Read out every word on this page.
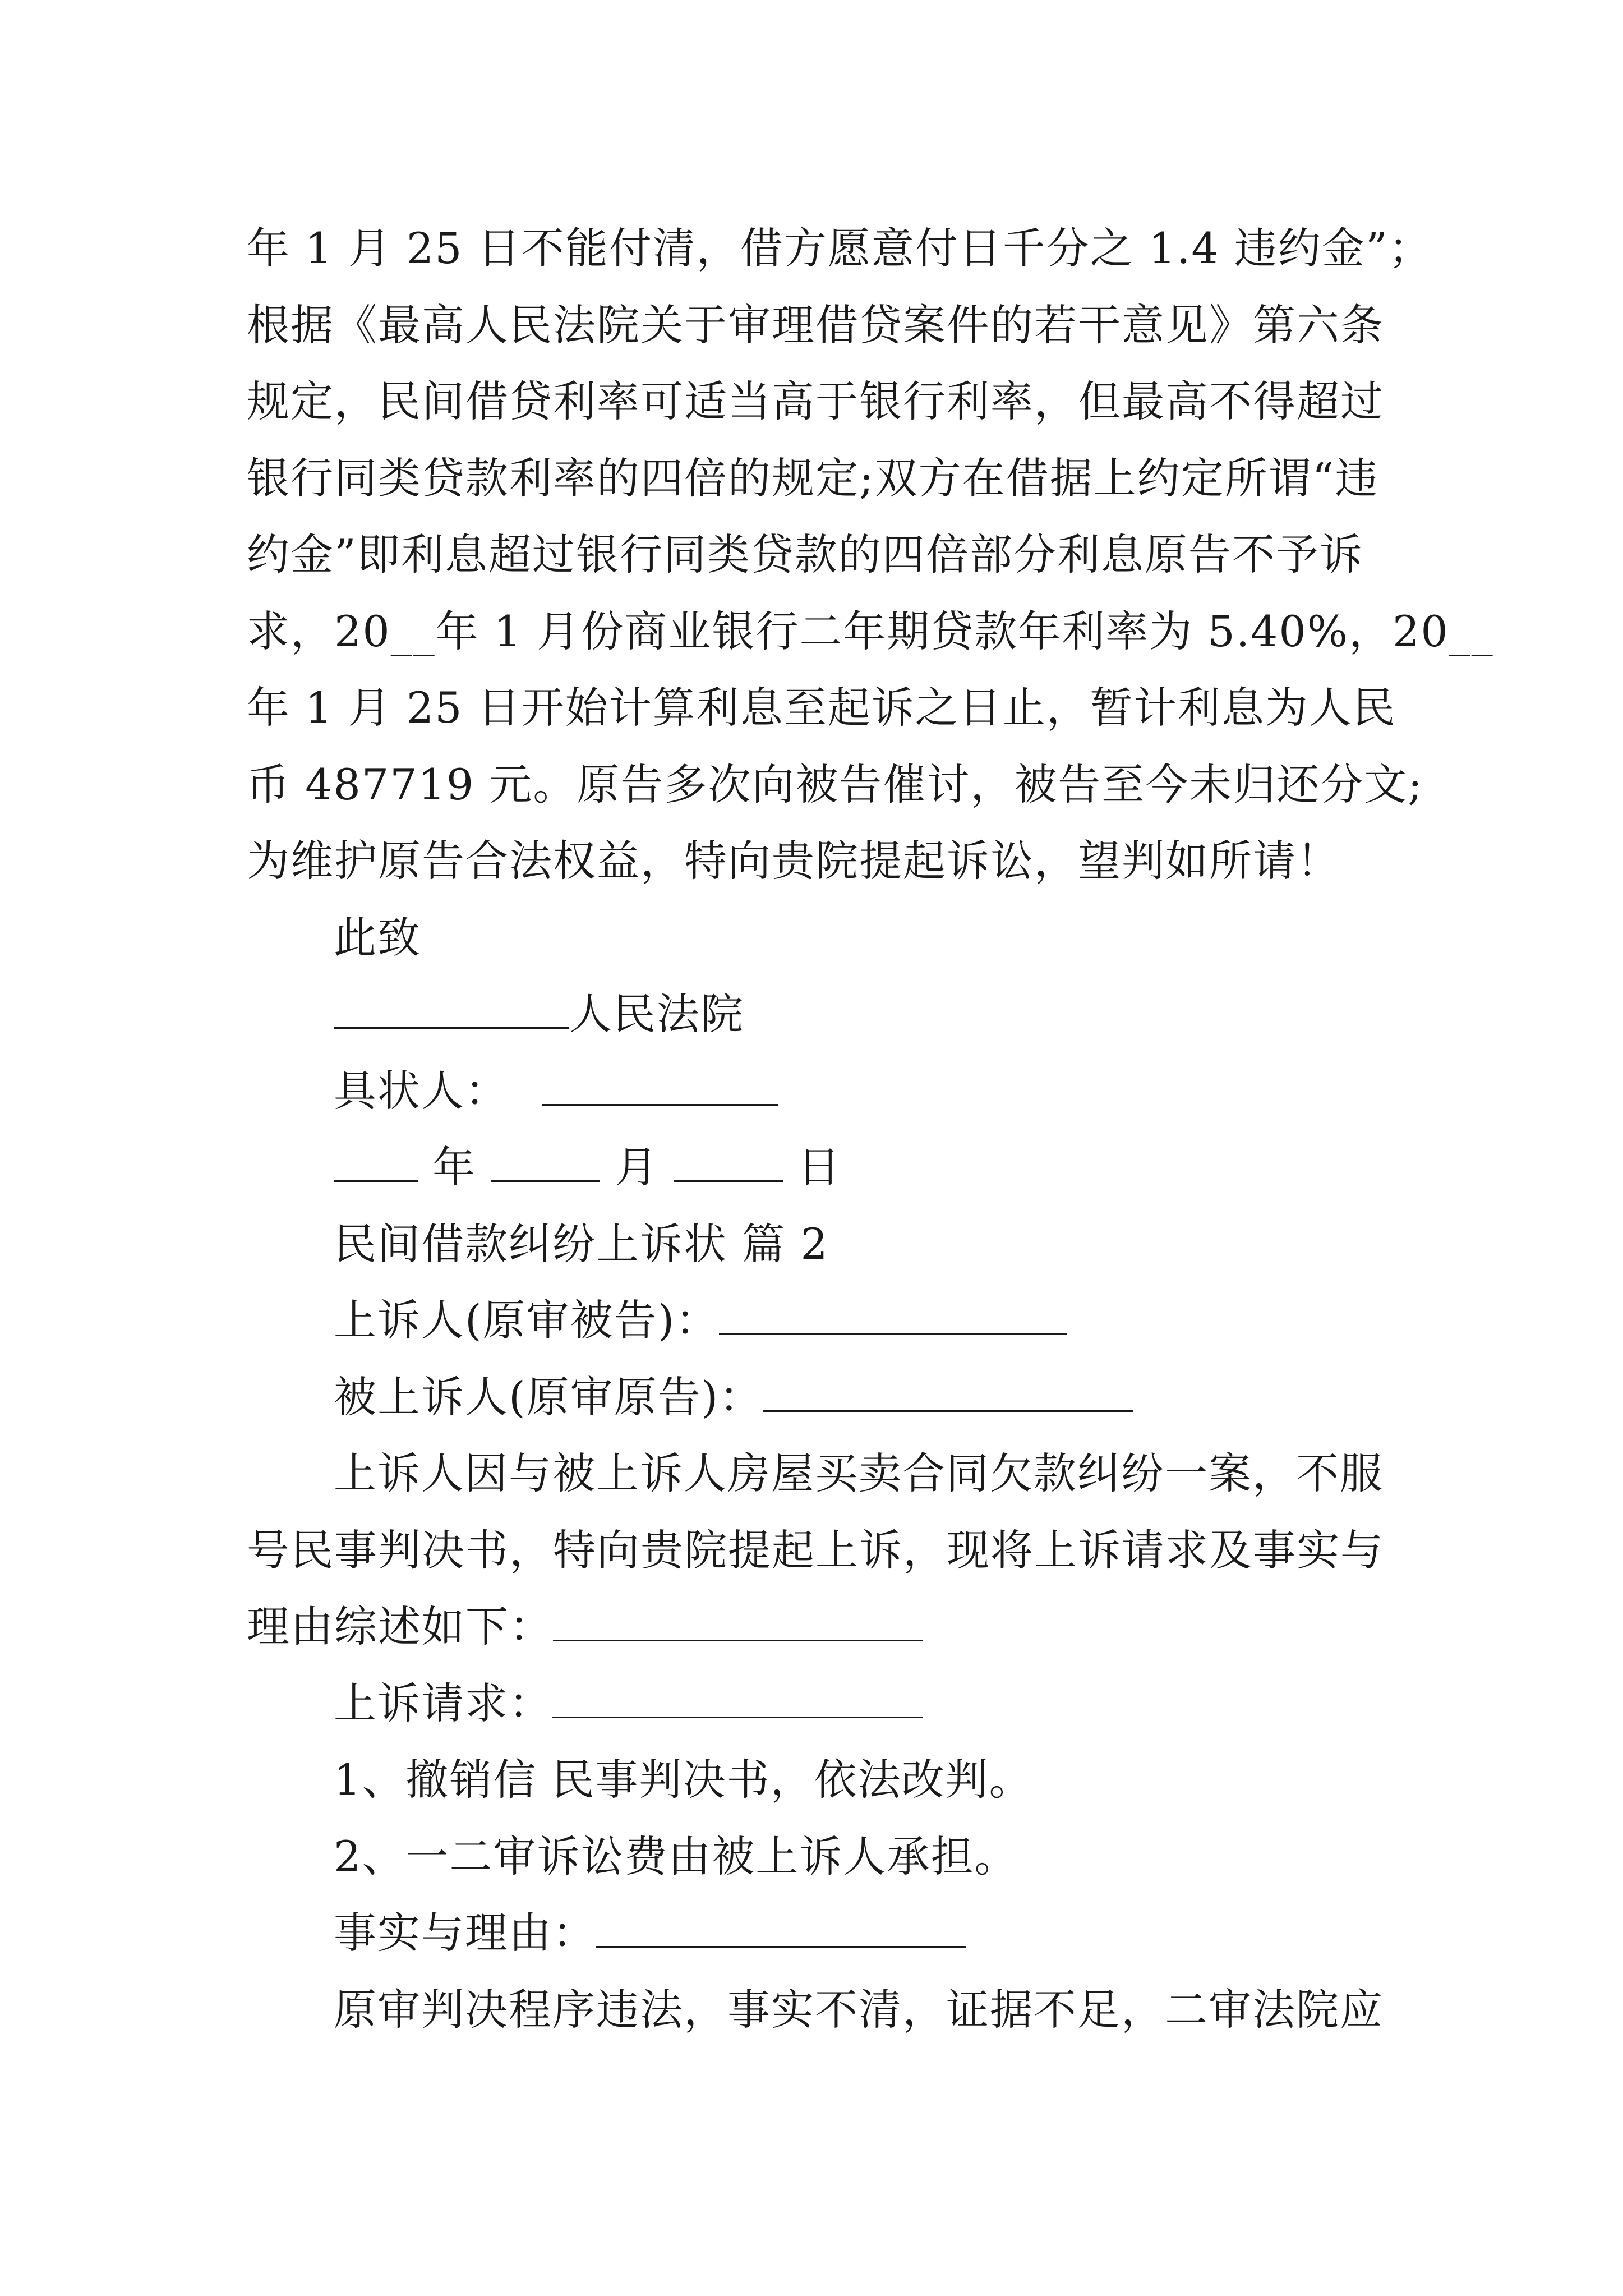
年 1 月 25 日不能付清，借方愿意付日千分之 1.4 违约金”；
根据《最高人民法院关于审理借贷案件的若干意见》第六条
规定，民间借贷利率可适当高于银行利率，但最高不得超过
银行同类贷款利率的四倍的规定;双方在借据上约定所谓“违
约金”即利息超过银行同类贷款的四倍部分利息原告不予诉
求，20__年 1 月份商业银行二年期贷款年利率为 5.40%，20__
年 1 月 25 日开始计算利息至起诉之日止，暂计利息为人民
币 487719 元。原告多次向被告催讨，被告至今未归还分文;
为维护原告合法权益，特向贵院提起诉讼，望判如所请！
此致
人民法院
具状人：
年	月	日
民间借款纠纷上诉状 篇 2
上诉人(原审被告)：
被上诉人(原审原告)：
上诉人因与被上诉人房屋买卖合同欠款纠纷一案，不服
号民事判决书，特向贵院提起上诉，现将上诉请求及事实与
理由综述如下：
上诉请求：
1、撤销信 民事判决书，依法改判。
2、一二审诉讼费由被上诉人承担。
事实与理由：
原审判决程序违法，事实不清，证据不足，二审法院应
